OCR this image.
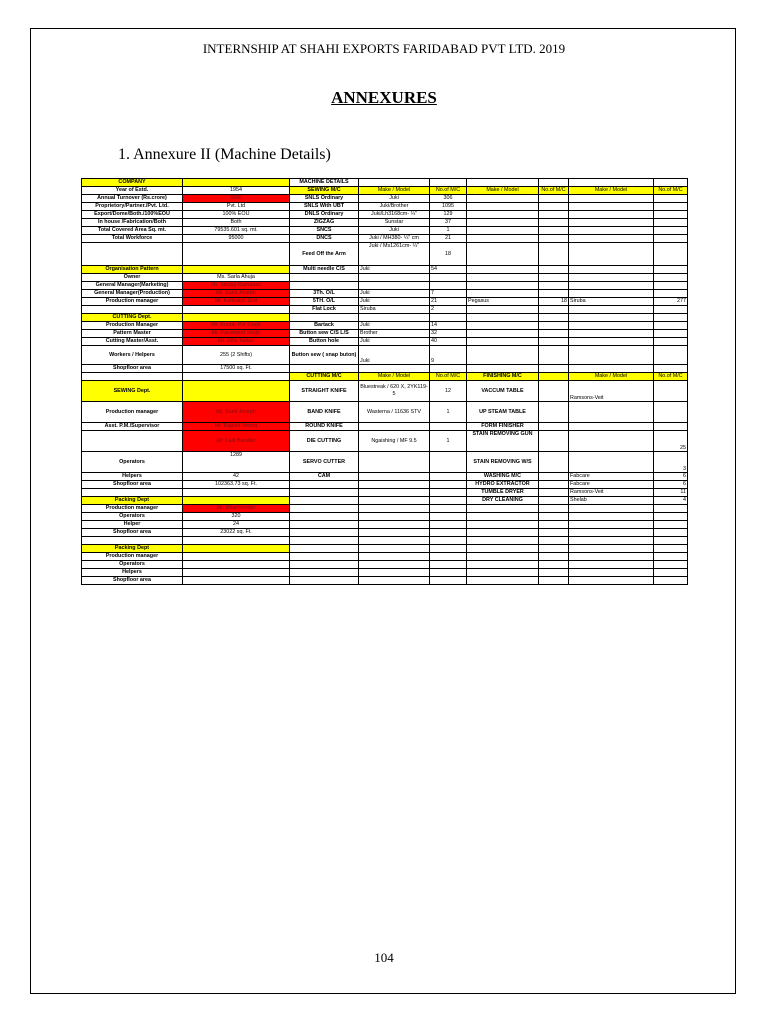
INTERNSHIP AT SHAHI EXPORTS FARIDABAD PVT LTD. 2019
ANNEXURES
1. Annexure II (Machine Details)
COMPANY		MACHINE DETAILS						
Year of Estd.	1954	SEWING M/C	Make / Model	No.of M/C	Make / Model	No.of M/C	Make / Model	No.of M/C
Annual Turnover (Rs.crore)	3000	SNLS Ordinary	Juki	306				
Proprietory/Partner./Pvt. Ltd.	Pvt. Ltd	SNLS With UBT	Juki/Brother	1095				
Export/Dome/Both./100%EOU	100% EOU	DNLS Ordinary	Juki/Lh3168cm- ¼"	129				
In house /Fabrication/Both	Both	ZIGZAG	Sunstar	37				
Total Covered Area Sq. mt.	79535.601 sq. mt.	SNCS	Juki	1				
Total Workforce	95000	DNCS	Juki / MH380- ¼" cm	21				
		Feed Off the Arm	Juki / Ms1261cm- ¼"	18				
Organisation Pattern		Multi needle C/S	Juki	54				
Owner	Ms. Sarla Ahuja							
General Manager(Marketing)	Mr. Sanjay Ramdaas							
General Manager(Production)	Mr. Sunil Joseph	3Th. O/L	Juki	7				
Production manager	Mr. Kanhaiyo Dutt	5TH. O/L	Juki	21	Pegasus	18	Siruba	277
		Flat Lock	Siruba	2				
CUTTING Dept.								
Production Manager	Mr. Kumar Pal Singh	Bartack	Juki	14				
Pattern Master	Mr. Paramjeet Singh	Button sew C/S L/S	Brother	32				
Cutting Master/Asst.	Mr. Dilip Yadav	Button hole	Juki	40				
Workers / Helpers	255 (2 Shifts)	Button sew ( snap buton)	Juki	9				
Shopfloor area	17500 sq. Ft.							
		CUTTING M/C	Make / Model	No.of M/C	FINISHING M/C		Make / Model	No.of M/C
SEWING Dept.		STRAIGHT KNIFE	Bluestreak / 620 X, 2YK119-5	12	VACCUM TABLE		Ramsons-Veit	
Production manager	Mr. Sunil Joseph	BAND KNIFE	Wasterna / 11636 STV	1	UP STEAM TABLE			
Asst. P.M./Supervisor	Mr. Rajesh Verma	ROUND KNIFE			FORM FINISHER			
	Mr. Lalit Bandari	DIE CUTTING	Ngaishing / MF 9.5	1	STAIN REMOVING GUN			25
Operators	1289	SERVO CUTTER			STAIN REMOVING W/S			3
Helpers	42	CAM			WASHING M/C		Fabcare	6
Shopfloor area	102363.73 sq. Ft.				HYDRO EXTRACTOR		Fabcare	6
					TUMBLE DRYER		Ramsons-Veit	11
Packing Dept					DRY CLEANING		Shelab	4
Production manager	Mr. Dharmender							
Operators	320							
Helper	24							
Shopfloor area	23022 sq. Ft.							

Packing Dept								
Production manager								
Operators								
Helpers								
Shopfloor area								
104
